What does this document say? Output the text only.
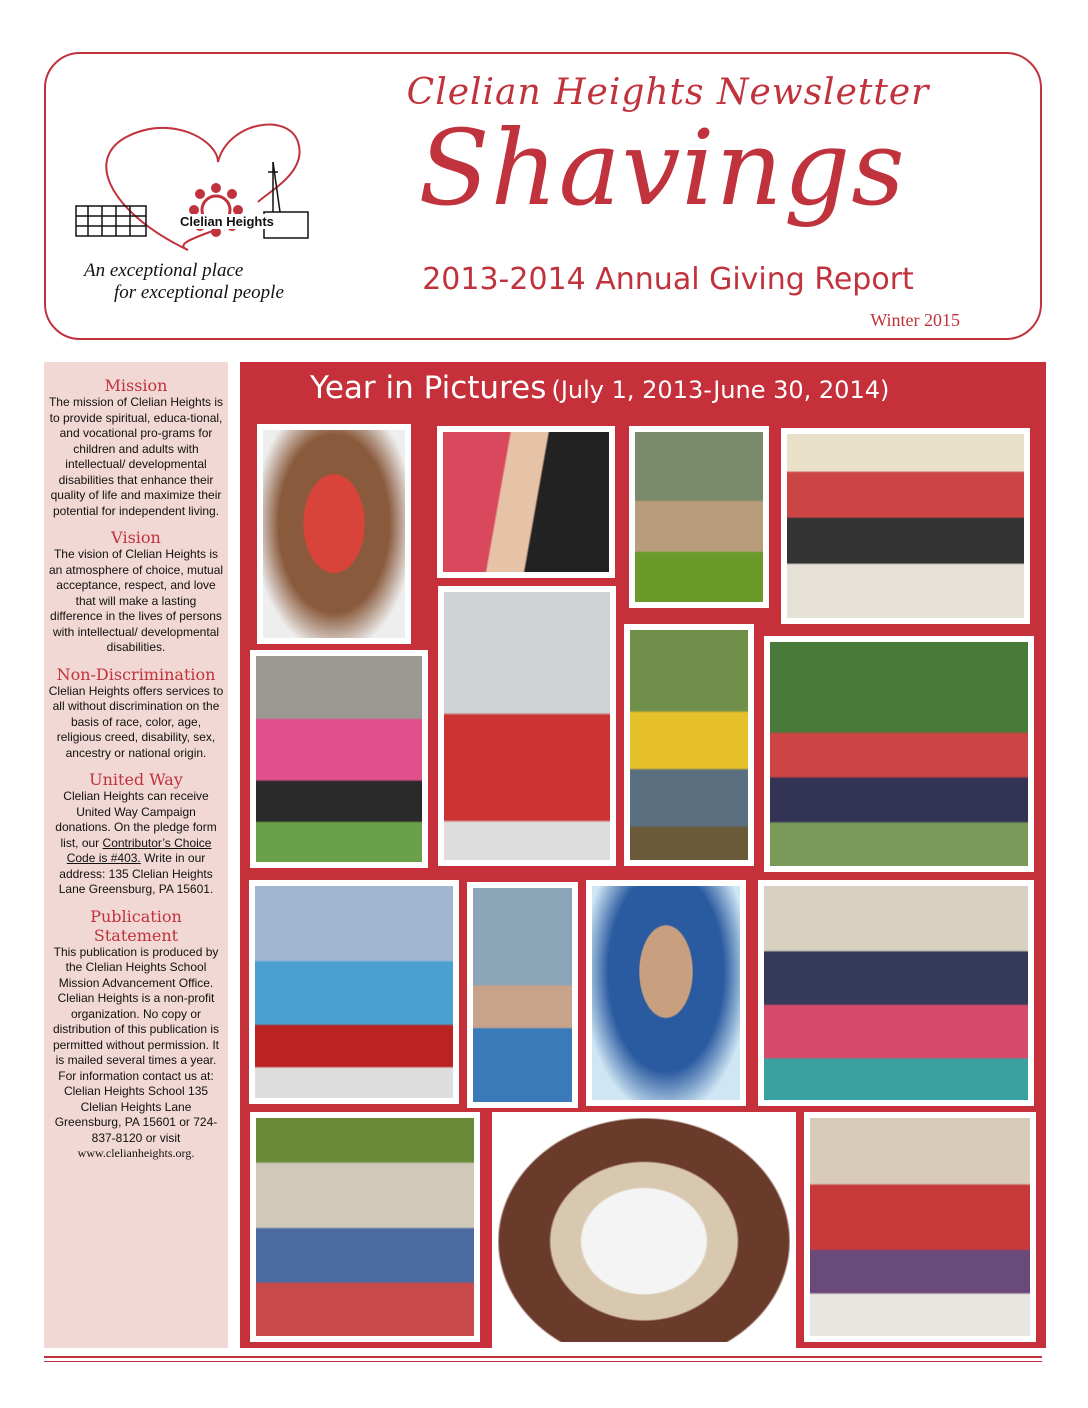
Clelian Heights
An exceptional place
for exceptional people
Clelian Heights Newsletter
Shavings
2013-2014 Annual Giving Report
Winter 2015
Mission

The mission of Clelian Heights is to provide spiritual, educa-tional, and vocational pro-grams for children and adults with intellectual/ developmental disabilities that enhance their quality of life and maximize their potential for independent living.

Vision

The vision of Clelian Heights is an atmosphere of choice, mutual acceptance, respect, and love that will make a lasting difference in the lives of persons with intellectual/ developmental disabilities.

Non-Discrimination

Clelian Heights offers services to all without discrimination on the basis of race, color, age, religious creed, disability, sex, ancestry or national origin.

United Way

Clelian Heights can receive United Way Campaign donations. On the pledge form list, our Contributor’s Choice Code is #403. Write in our address: 135 Clelian Heights Lane Greensburg, PA 15601.

Publication
Statement

This publication is produced by the Clelian Heights School Mission Advancement Office. Clelian Heights is a non-profit organization. No copy or distribution of this publication is permitted without permission. It is mailed several times a year. For information contact us at: Clelian Heights School 135 Clelian Heights Lane Greensburg, PA 15601 or 724-837-8120 or visit www.clelianheights.org.

Year in Pictures (July 1, 2013-June 30, 2014)
